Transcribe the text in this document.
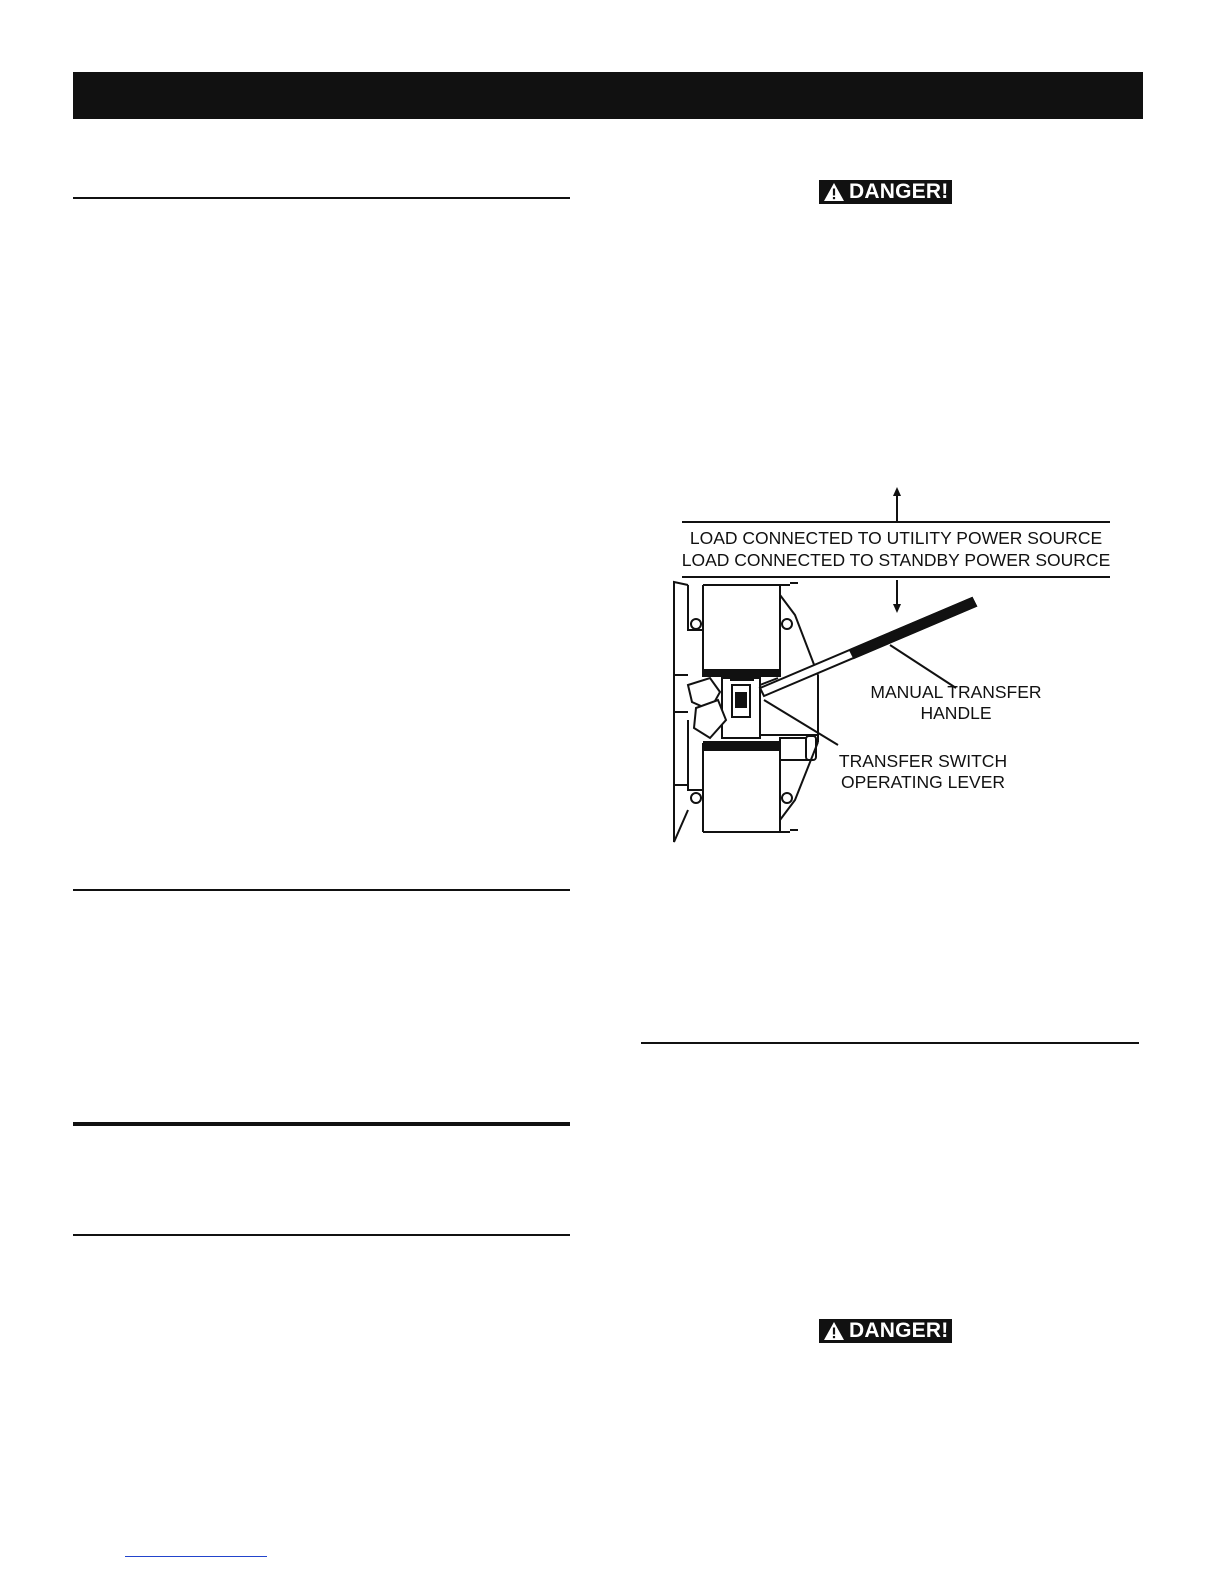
DANGER!
DANGER!
LOAD CONNECTED TO UTILITY POWER SOURCE
LOAD CONNECTED TO STANDBY POWER SOURCE
MANUAL TRANSFER
HANDLE
TRANSFER SWITCH
OPERATING LEVER
